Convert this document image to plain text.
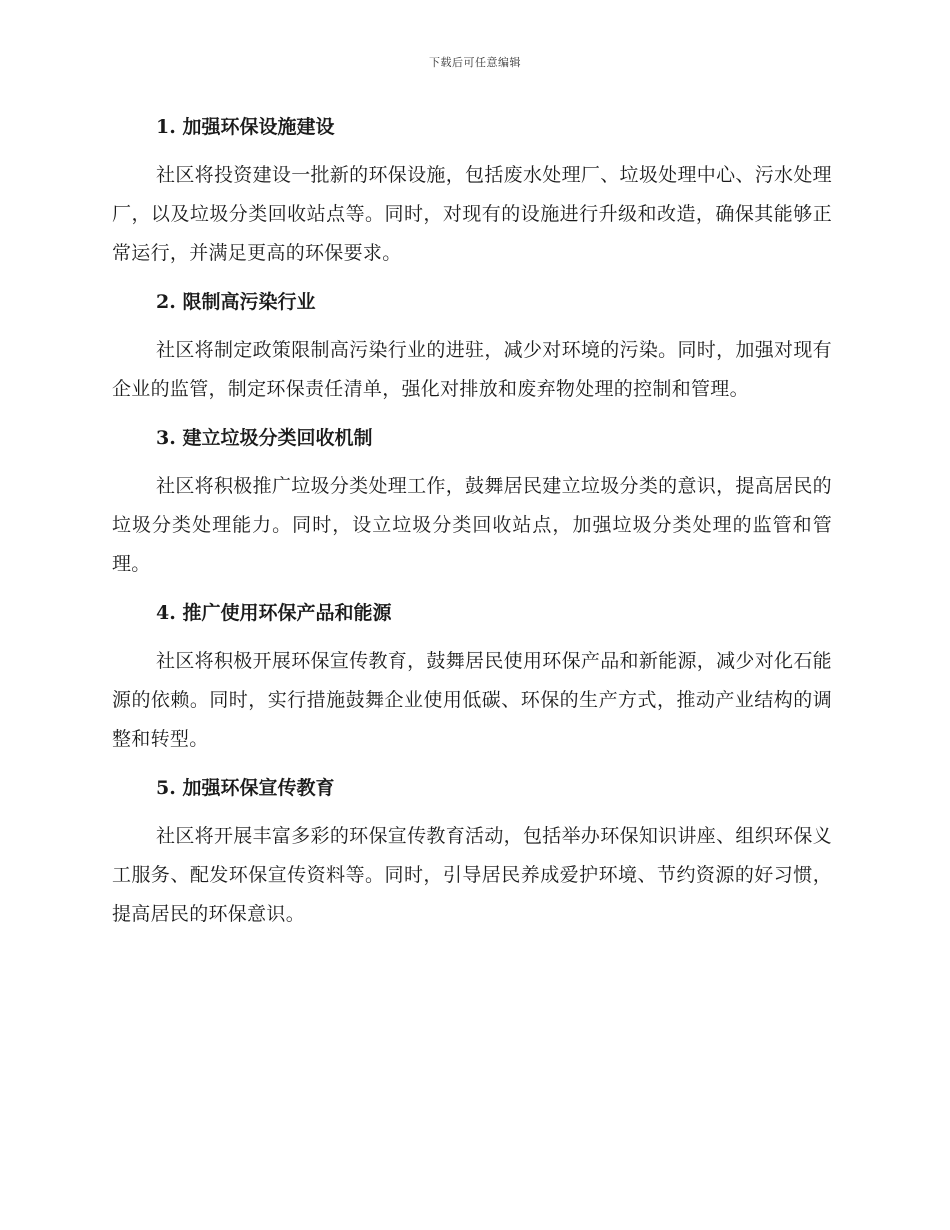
下载后可任意编辑
1. 加强环保设施建设

社区将投资建设一批新的环保设施，包括废水处理厂、垃圾处理中心、污水处理厂，以及垃圾分类回收站点等。同时，对现有的设施进行升级和改造，确保其能够正常运行，并满足更高的环保要求。

2. 限制高污染行业

社区将制定政策限制高污染行业的进驻，减少对环境的污染。同时，加强对现有企业的监管，制定环保责任清单，强化对排放和废弃物处理的控制和管理。

3. 建立垃圾分类回收机制

社区将积极推广垃圾分类处理工作，鼓舞居民建立垃圾分类的意识，提高居民的垃圾分类处理能力。同时，设立垃圾分类回收站点，加强垃圾分类处理的监管和管理。

4. 推广使用环保产品和能源

社区将积极开展环保宣传教育，鼓舞居民使用环保产品和新能源，减少对化石能源的依赖。同时，实行措施鼓舞企业使用低碳、环保的生产方式，推动产业结构的调整和转型。

5. 加强环保宣传教育

社区将开展丰富多彩的环保宣传教育活动，包括举办环保知识讲座、组织环保义工服务、配发环保宣传资料等。同时，引导居民养成爱护环境、节约资源的好习惯，提高居民的环保意识。
